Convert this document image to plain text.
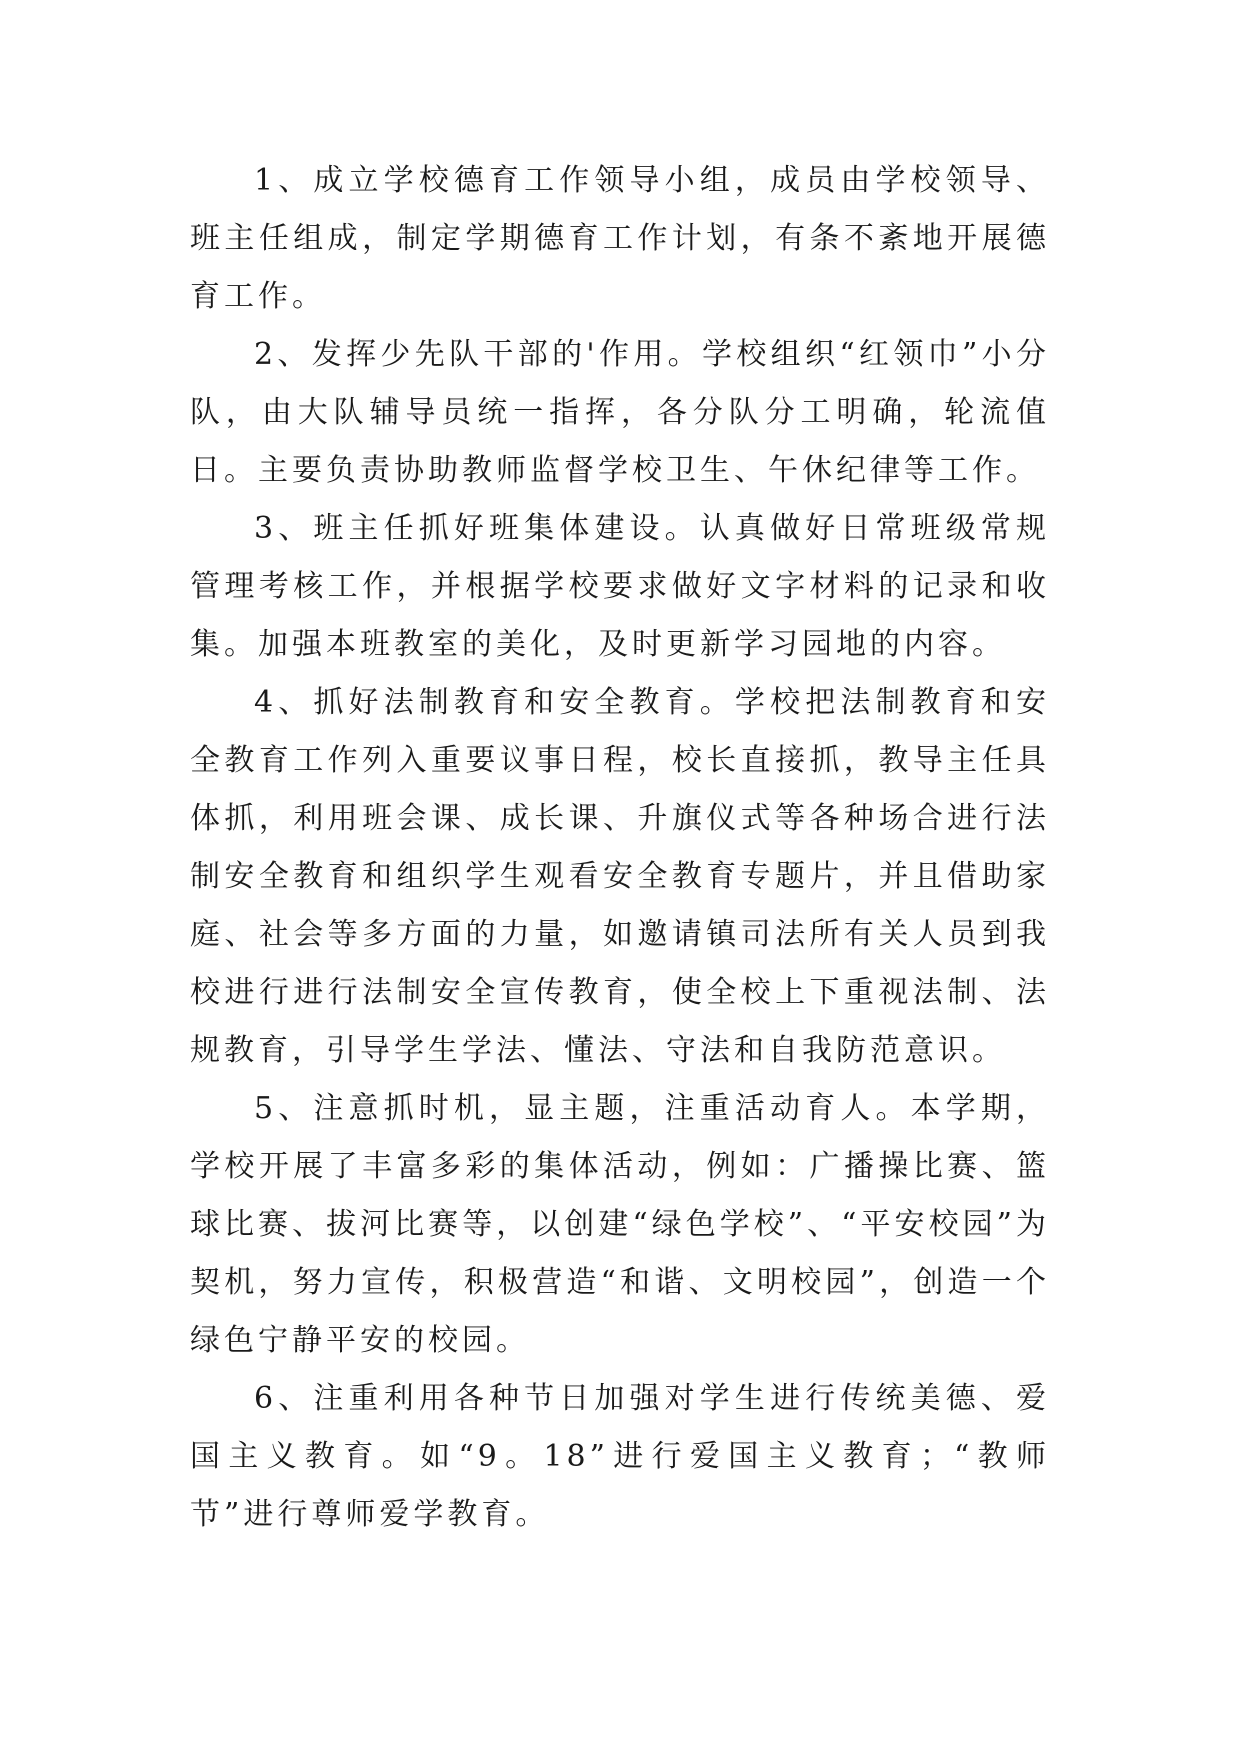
1、成立学校德育工作领导小组，成员由学校领导、班主任组成，制定学期德育工作计划，有条不紊地开展德育工作。

2、发挥少先队干部的'作用。学校组织“红领巾”小分队，由大队辅导员统一指挥，各分队分工明确，轮流值日。主要负责协助教师监督学校卫生、午休纪律等工作。

3、班主任抓好班集体建设。认真做好日常班级常规管理考核工作，并根据学校要求做好文字材料的记录和收集。加强本班教室的美化，及时更新学习园地的内容。

4、抓好法制教育和安全教育。学校把法制教育和安全教育工作列入重要议事日程，校长直接抓，教导主任具体抓，利用班会课、成长课、升旗仪式等各种场合进行法制安全教育和组织学生观看安全教育专题片，并且借助家庭、社会等多方面的力量，如邀请镇司法所有关人员到我校进行进行法制安全宣传教育，使全校上下重视法制、法规教育，引导学生学法、懂法、守法和自我防范意识。

5、注意抓时机，显主题，注重活动育人。本学期，学校开展了丰富多彩的集体活动，例如：广播操比赛、篮球比赛、拔河比赛等，以创建“绿色学校”、“平安校园”为契机，努力宣传，积极营造“和谐、文明校园”，创造一个绿色宁静平安的校园。

6、注重利用各种节日加强对学生进行传统美德、爱国主义教育。如“9。18”进行爱国主义教育；“教师节”进行尊师爱学教育。
